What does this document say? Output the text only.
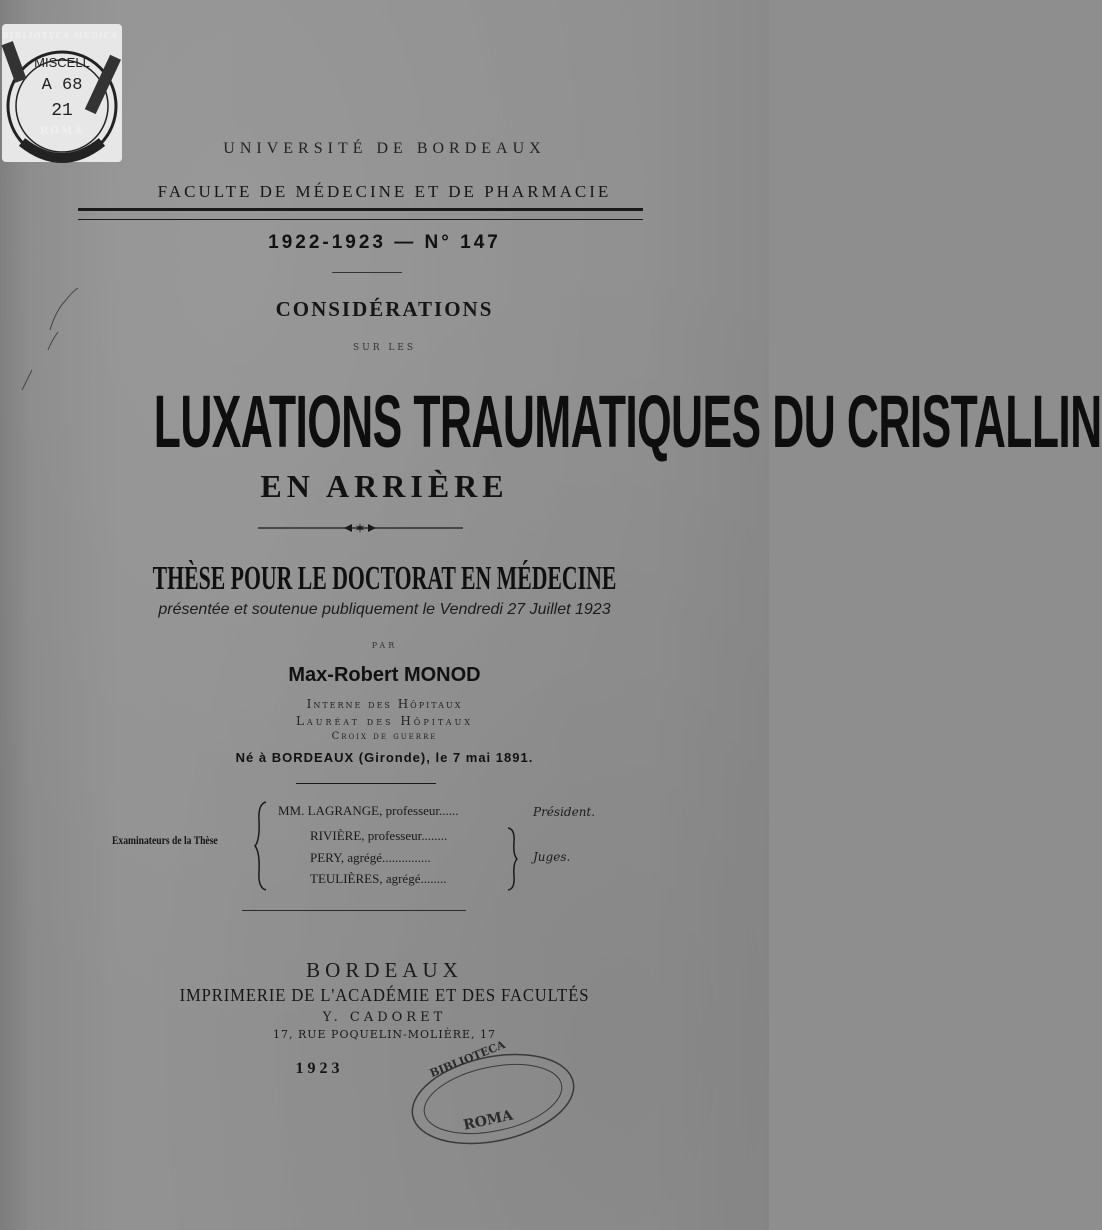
MISCELL
A 68
21
BIBLIOTECA MEDICA
ROMA
UNIVERSITÉ DE BORDEAUX
FACULTE DE MÉDECINE ET DE PHARMACIE
1922-1923 — N° 147
CONSIDÉRATIONS
SUR LES
LUXATIONS TRAUMATIQUES DU CRISTALLIN
EN ARRIÈRE
✶
THÈSE POUR LE DOCTORAT EN MÉDECINE
présentée et soutenue publiquement le Vendredi 27 Juillet 1923
PAR
Max-Robert MONOD
Interne des Hôpitaux
Lauréat des Hôpitaux
Croix de guerre
Né à BORDEAUX (Gironde), le 7 mai 1891.
Examinateurs de la Thèse
MM. LAGRANGE, professeur......
RIVIÈRE, professeur........
PERY, agrégé...............
TEULIÈRES, agrégé........
Président.
Juges.
BORDEAUX
IMPRIMERIE DE L'ACADÉMIE ET DES FACULTÉS
Y. CADORET
17, RUE POQUELIN-MOLIÈRE, 17
1923	BIBLIOTECA
ROMA
